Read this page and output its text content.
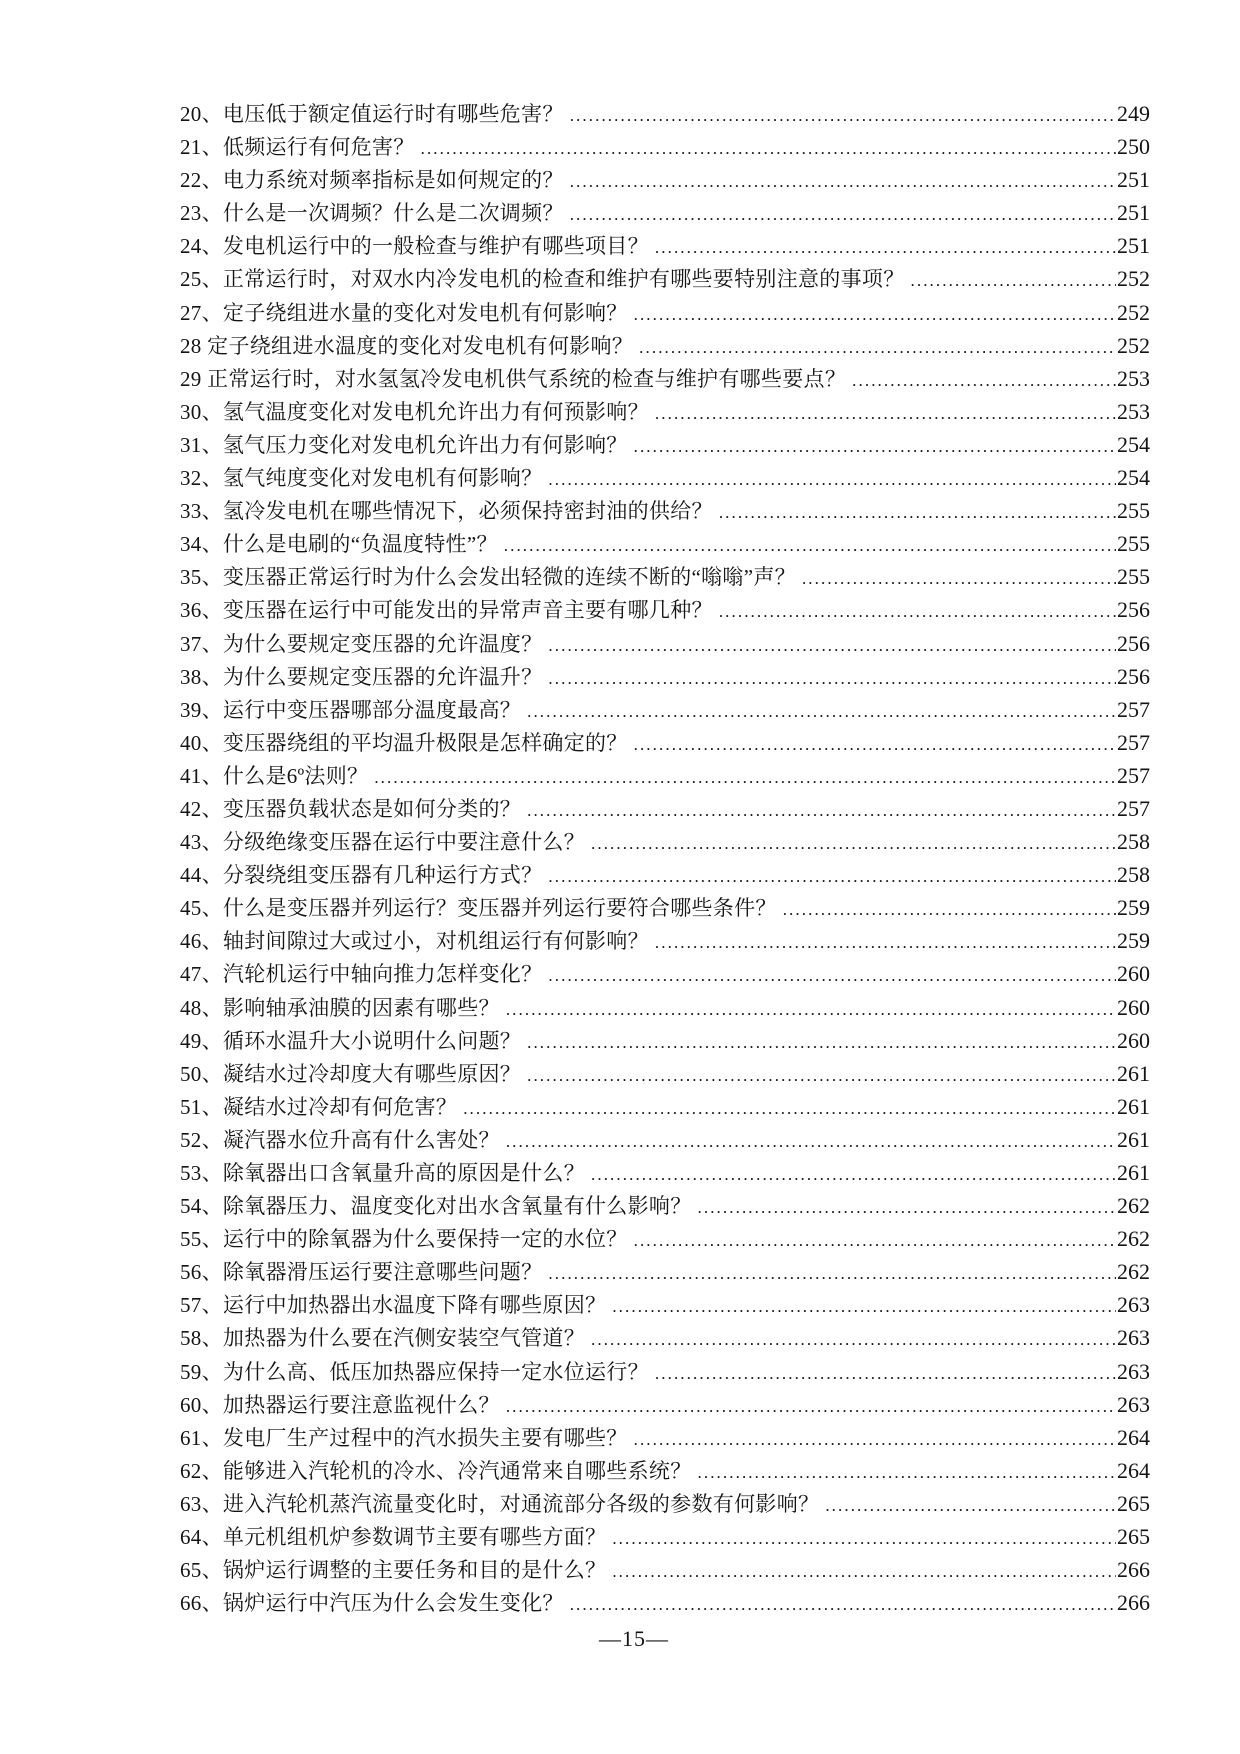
20、电压低于额定值运行时有哪些危害？ .....	249
21、低频运行有何危害？ .....	250
22、电力系统对频率指标是如何规定的？ .....	251
23、什么是一次调频？什么是二次调频？ .....	251
24、发电机运行中的一般检查与维护有哪些项目？ .....	251
25、正常运行时，对双水内冷发电机的检查和维护有哪些要特别注意的事项？ .....	252
27、定子绕组进水量的变化对发电机有何影响？ .....	252
28 定子绕组进水温度的变化对发电机有何影响？ .....	252
29 正常运行时，对水氢氢冷发电机供气系统的检查与维护有哪些要点？ .....	253
30、氢气温度变化对发电机允许出力有何预影响？ .....	253
31、氢气压力变化对发电机允许出力有何影响？ .....	254
32、氢气纯度变化对发电机有何影响？ .....	254
33、氢冷发电机在哪些情况下，必须保持密封油的供给？ .....	255
34、什么是电刷的“负温度特性”？ .....	255
35、变压器正常运行时为什么会发出轻微的连续不断的“嗡嗡”声？ .....	255
36、变压器在运行中可能发出的异常声音主要有哪几种？ .....	256
37、为什么要规定变压器的允许温度？ .....	256
38、为什么要规定变压器的允许温升？ .....	256
39、运行中变压器哪部分温度最高？ .....	257
40、变压器绕组的平均温升极限是怎样确定的？ .....	257
41、什么是6º法则？ .....	257
42、变压器负载状态是如何分类的？ .....	257
43、分级绝缘变压器在运行中要注意什么？ .....	258
44、分裂绕组变压器有几种运行方式？ .....	258
45、什么是变压器并列运行？变压器并列运行要符合哪些条件？ .....	259
46、轴封间隙过大或过小，对机组运行有何影响？ .....	259
47、汽轮机运行中轴向推力怎样变化？ .....	260
48、影响轴承油膜的因素有哪些？ .....	260
49、循环水温升大小说明什么问题？ .....	260
50、凝结水过冷却度大有哪些原因？ .....	261
51、凝结水过冷却有何危害？ .....	261
52、凝汽器水位升高有什么害处？ .....	261
53、除氧器出口含氧量升高的原因是什么？ .....	261
54、除氧器压力、温度变化对出水含氧量有什么影响？ .....	262
55、运行中的除氧器为什么要保持一定的水位？ .....	262
56、除氧器滑压运行要注意哪些问题？ .....	262
57、运行中加热器出水温度下降有哪些原因？ .....	263
58、加热器为什么要在汽侧安装空气管道？ .....	263
59、为什么高、低压加热器应保持一定水位运行？ .....	263
60、加热器运行要注意监视什么？ .....	263
61、发电厂生产过程中的汽水损失主要有哪些？ .....	264
62、能够进入汽轮机的冷水、冷汽通常来自哪些系统？ .....	264
63、进入汽轮机蒸汽流量变化时，对通流部分各级的参数有何影响？ .....	265
64、单元机组机炉参数调节主要有哪些方面？ .....	265
65、锅炉运行调整的主要任务和目的是什么？ .....	266
66、锅炉运行中汽压为什么会发生变化？ .....	266
—15—
